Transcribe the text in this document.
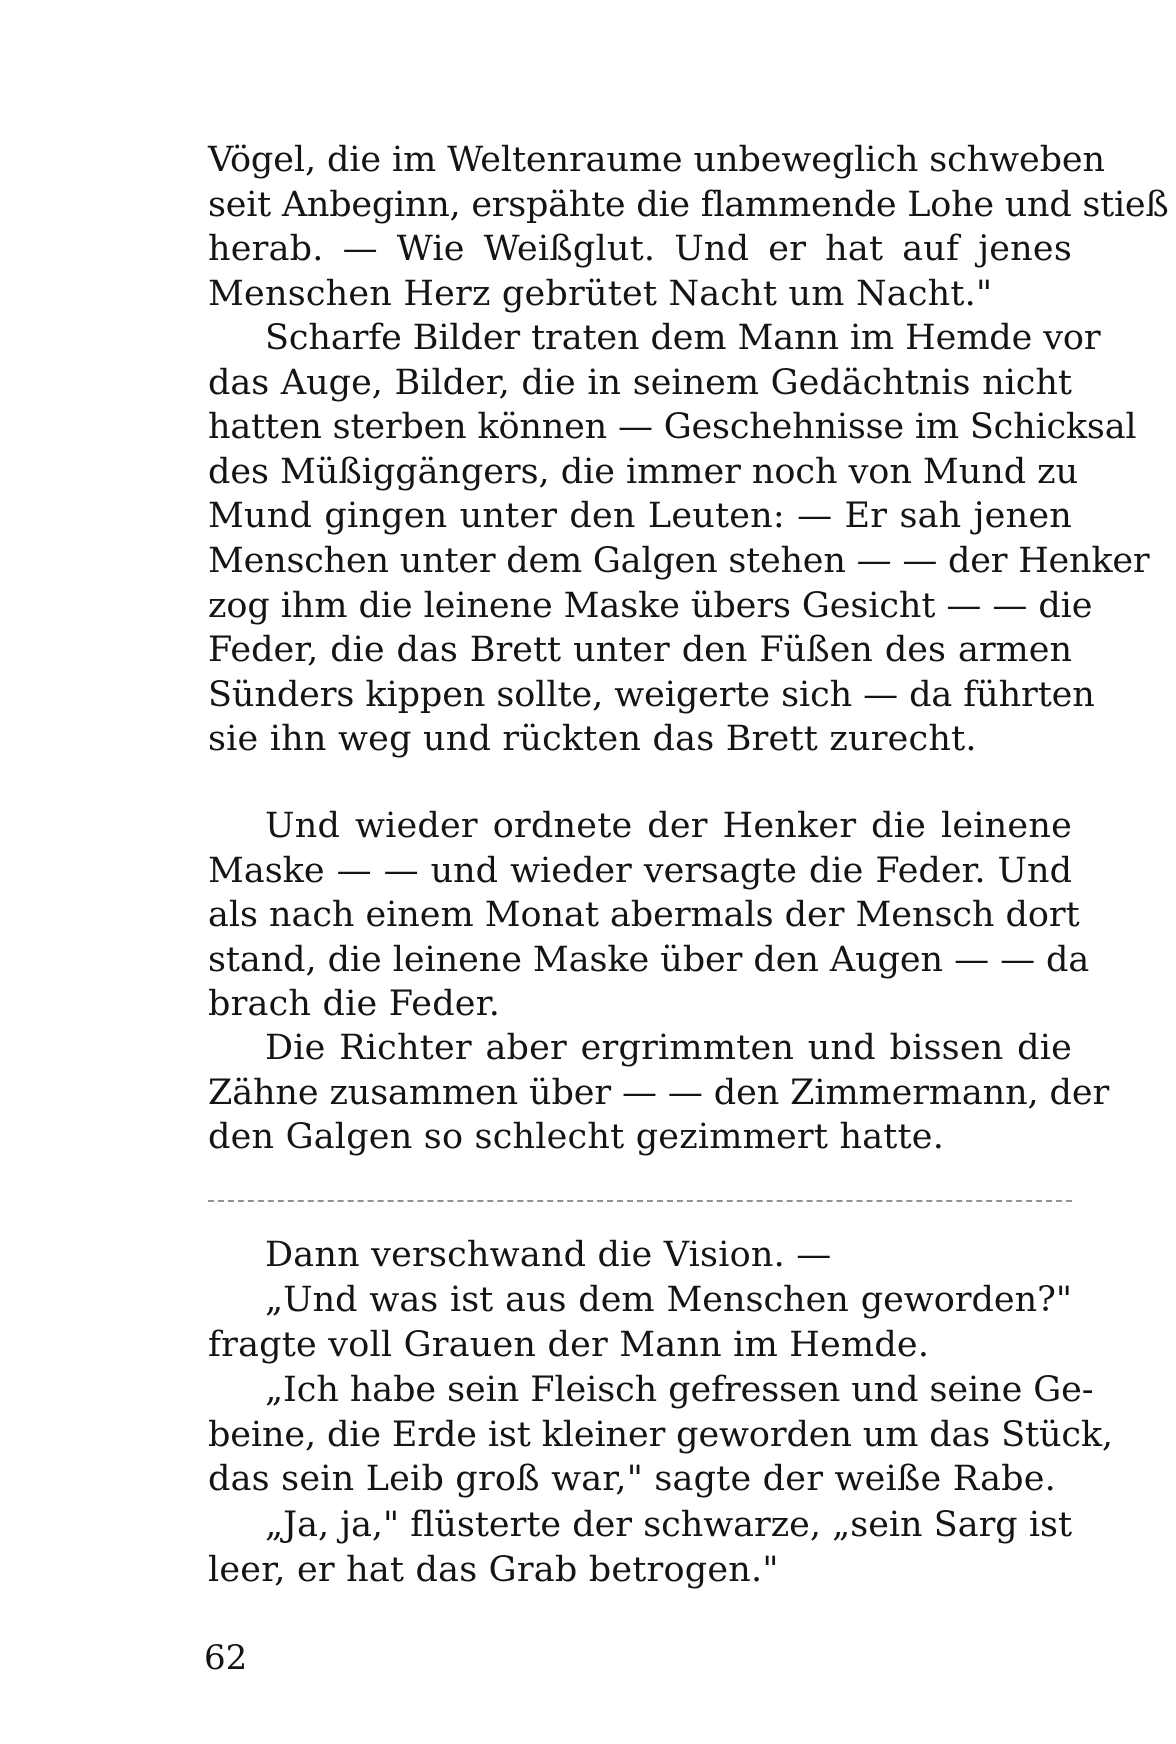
Vögel, die im Weltenraume unbeweglich schweben
seit Anbeginn, erspähte die flammende Lohe und stieß
herab. — Wie Weißglut. Und er hat auf jenes
Menschen Herz gebrütet Nacht um Nacht."
Scharfe Bilder traten dem Mann im Hemde vor
das Auge, Bilder, die in seinem Gedächtnis nicht
hatten sterben können — Geschehnisse im Schicksal
des Müßiggängers, die immer noch von Mund zu
Mund gingen unter den Leuten: — Er sah jenen
Menschen unter dem Galgen stehen — — der Henker
zog ihm die leinene Maske übers Gesicht — — die
Feder, die das Brett unter den Füßen des armen
Sünders kippen sollte, weigerte sich — da führten
sie ihn weg und rückten das Brett zurecht.
Und wieder ordnete der Henker die leinene
Maske — — und wieder versagte die Feder. Und
als nach einem Monat abermals der Mensch dort
stand, die leinene Maske über den Augen — — da
brach die Feder.
Die Richter aber ergrimmten und bissen die
Zähne zusammen über — — den Zimmermann, der
den Galgen so schlecht gezimmert hatte.
Dann verschwand die Vision. —
„Und was ist aus dem Menschen geworden?"
fragte voll Grauen der Mann im Hemde.
„Ich habe sein Fleisch gefressen und seine Ge-
beine, die Erde ist kleiner geworden um das Stück,
das sein Leib groß war," sagte der weiße Rabe.
„Ja, ja," flüsterte der schwarze, „sein Sarg ist
leer, er hat das Grab betrogen."
62
